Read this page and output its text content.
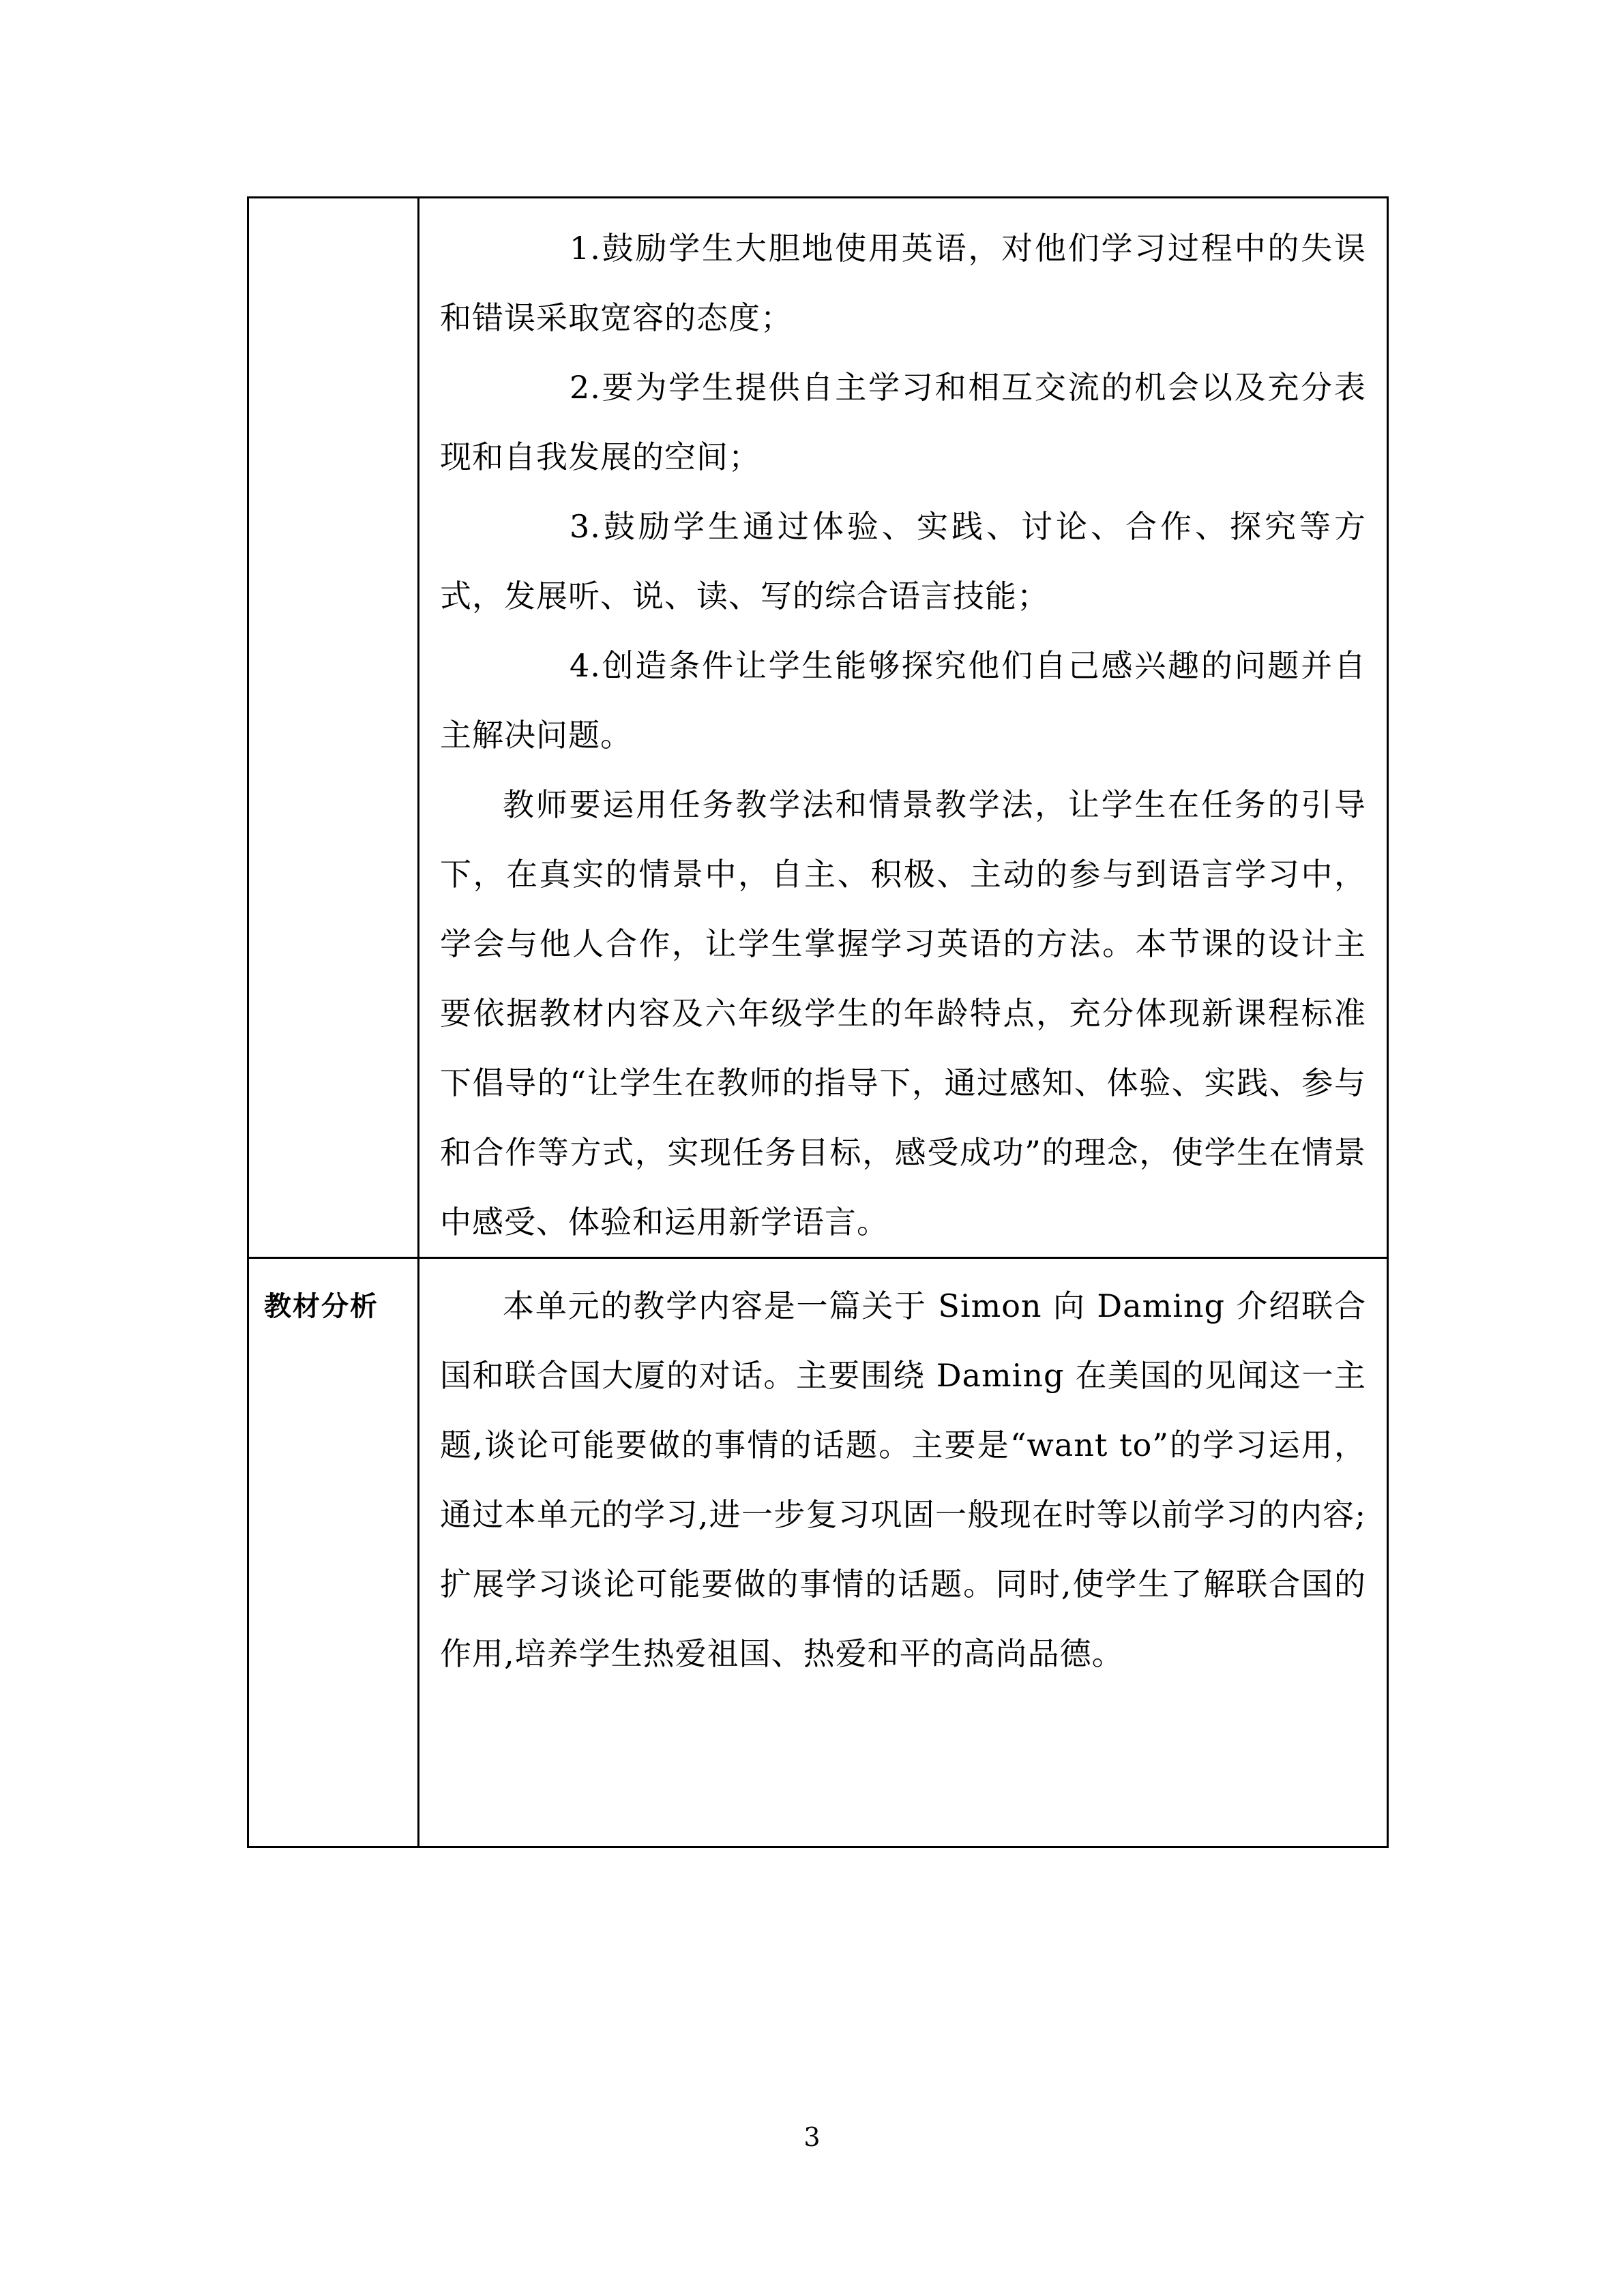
	1.鼓励学生大胆地使用英语，对他们学习过程中的失误和错误采取宽容的态度；

2.要为学生提供自主学习和相互交流的机会以及充分表现和自我发展的空间；

3.鼓励学生通过体验、实践、讨论、合作、探究等方式，发展听、说、读、写的综合语言技能；

4.创造条件让学生能够探究他们自己感兴趣的问题并自主解决问题。

教师要运用任务教学法和情景教学法，让学生在任务的引导下，在真实的情景中，自主、积极、主动的参与到语言学习中，学会与他人合作，让学生掌握学习英语的方法。本节课的设计主要依据教材内容及六年级学生的年龄特点，充分体现新课程标准下倡导的“让学生在教师的指导下，通过感知、体验、实践、参与和合作等方式，实现任务目标，感受成功”的理念，使学生在情景中感受、体验和运用新学语言。

教材分析	本单元的教学内容是一篇关于 Simon 向 Daming 介绍联合国和联合国大厦的对话。主要围绕 Daming 在美国的见闻这一主题,谈论可能要做的事情的话题。主要是“want to”的学习运用，通过本单元的学习,进一步复习巩固一般现在时等以前学习的内容;扩展学习谈论可能要做的事情的话题。同时,使学生了解联合国的作用,培养学生热爱祖国、热爱和平的高尚品德。

3
